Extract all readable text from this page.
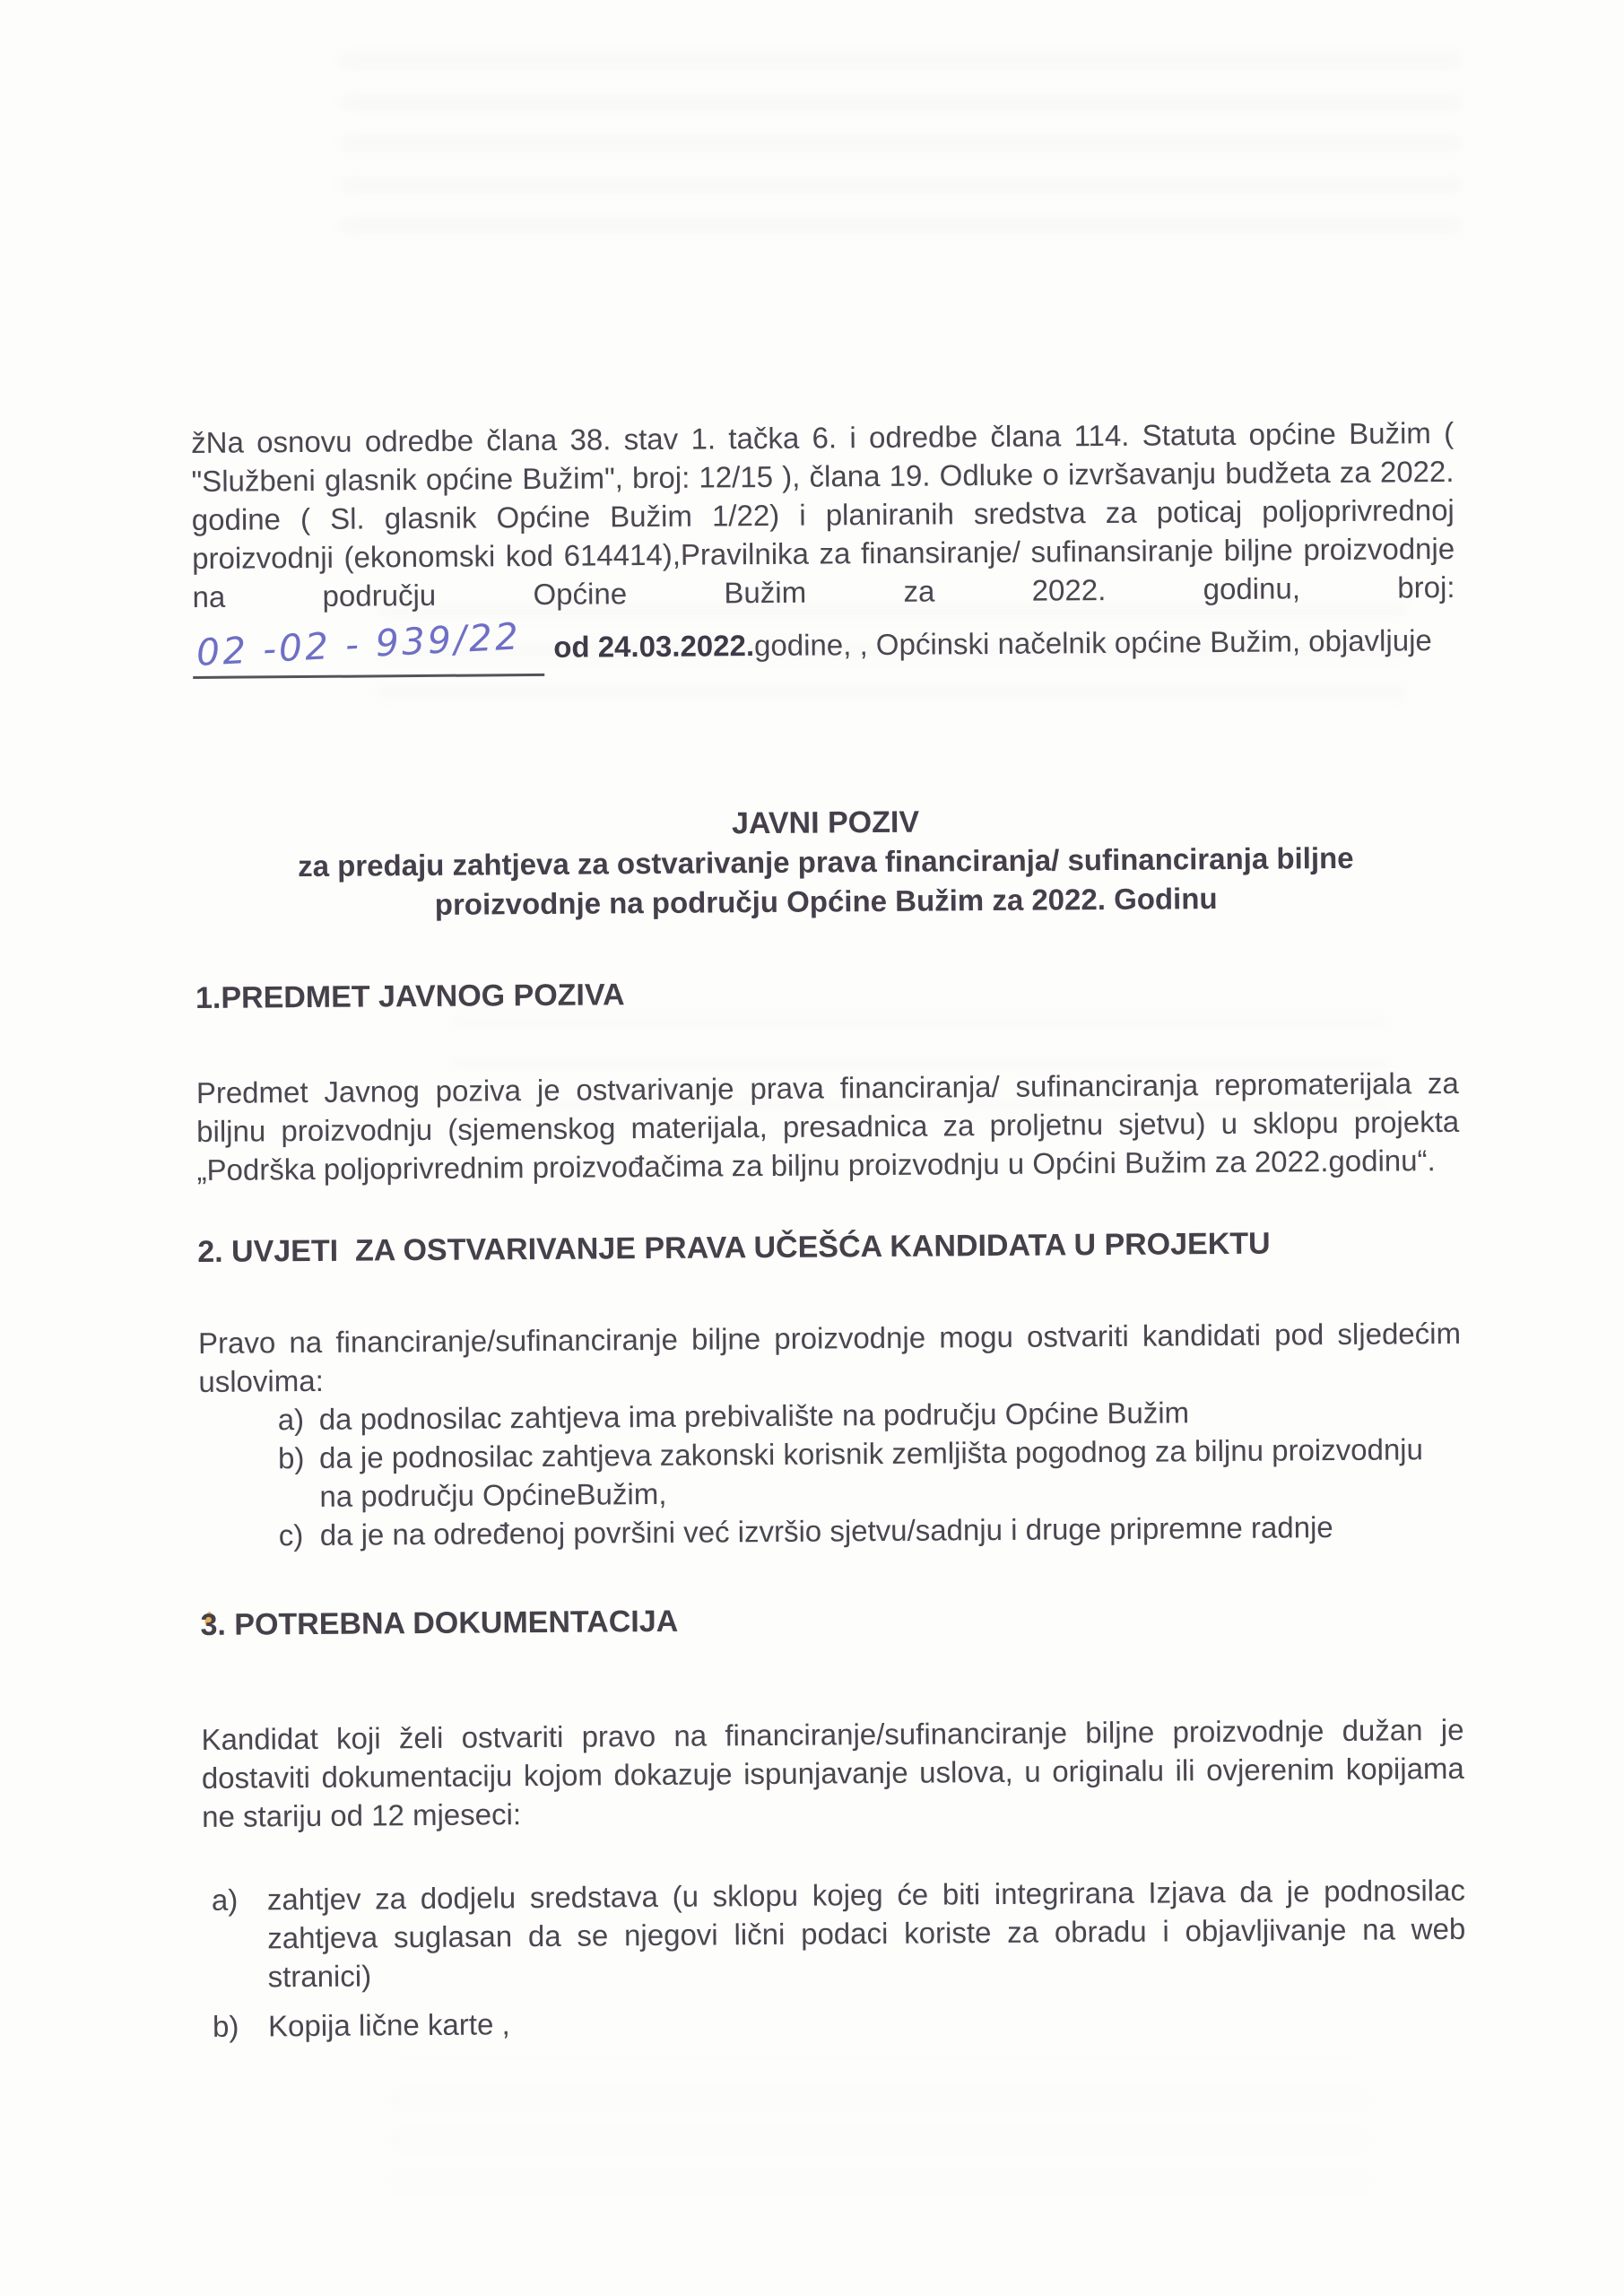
žNa osnovu odredbe člana 38. stav 1. tačka 6. i odredbe člana 114. Statuta općine Bužim ( "Službeni glasnik općine Bužim", broj: 12/15 ), člana 19. Odluke o izvršavanju budžeta za 2022. godine ( Sl. glasnik Općine Bužim 1/22) i planiranih sredstva za poticaj poljoprivrednoj proizvodnji (ekonomski kod 614414),Pravilnika za finansiranje/ sufinansiranje biljne proizvodnje na području Općine Bužim za 2022. godinu, broj:

02 -02 - 939/22 od 24.03.2022.godine, , Općinski načelnik općine Bužim, objavljuje
JAVNI POZIV

za predaju zahtjeva za ostvarivanje prava financiranja/ sufinanciranja biljne proizvodnje na području Općine Bužim za 2022. Godinu

1.PREDMET JAVNOG POZIVA

Predmet Javnog poziva je ostvarivanje prava financiranja/ sufinanciranja repromaterijala za biljnu proizvodnju (sjemenskog materijala, presadnica za proljetnu sjetvu) u sklopu projekta „Podrška poljoprivrednim proizvođačima za biljnu proizvodnju u Općini Bužim za 2022.godinu“.

2. UVJETI  ZA OSTVARIVANJE PRAVA UČEŠĆA KANDIDATA U PROJEKTU

Pravo na financiranje/sufinanciranje biljne proizvodnje mogu ostvariti kandidati pod sljedećim uslovima:

a) da podnosilac zahtjeva ima prebivalište na području Općine Bužim
b) da je podnosilac zahtjeva zakonski korisnik zemljišta pogodnog za biljnu proizvodnju na području OpćineBužim,
c) da je na određenoj površini već izvršio sjetvu/sadnju i druge pripremne radnje
3. POTREBNA DOKUMENTACIJA

Kandidat koji želi ostvariti pravo na financiranje/sufinanciranje biljne proizvodnje dužan je dostaviti dokumentaciju kojom dokazuje ispunjavanje uslova, u originalu ili ovjerenim kopijama ne stariju od 12 mjeseci:

a) zahtjev za dodjelu sredstava (u sklopu kojeg će biti integrirana Izjava da je podnosilac zahtjeva suglasan da se njegovi lični podaci koriste za obradu i objavljivanje na web stranici)
b) Kopija lične karte ,
